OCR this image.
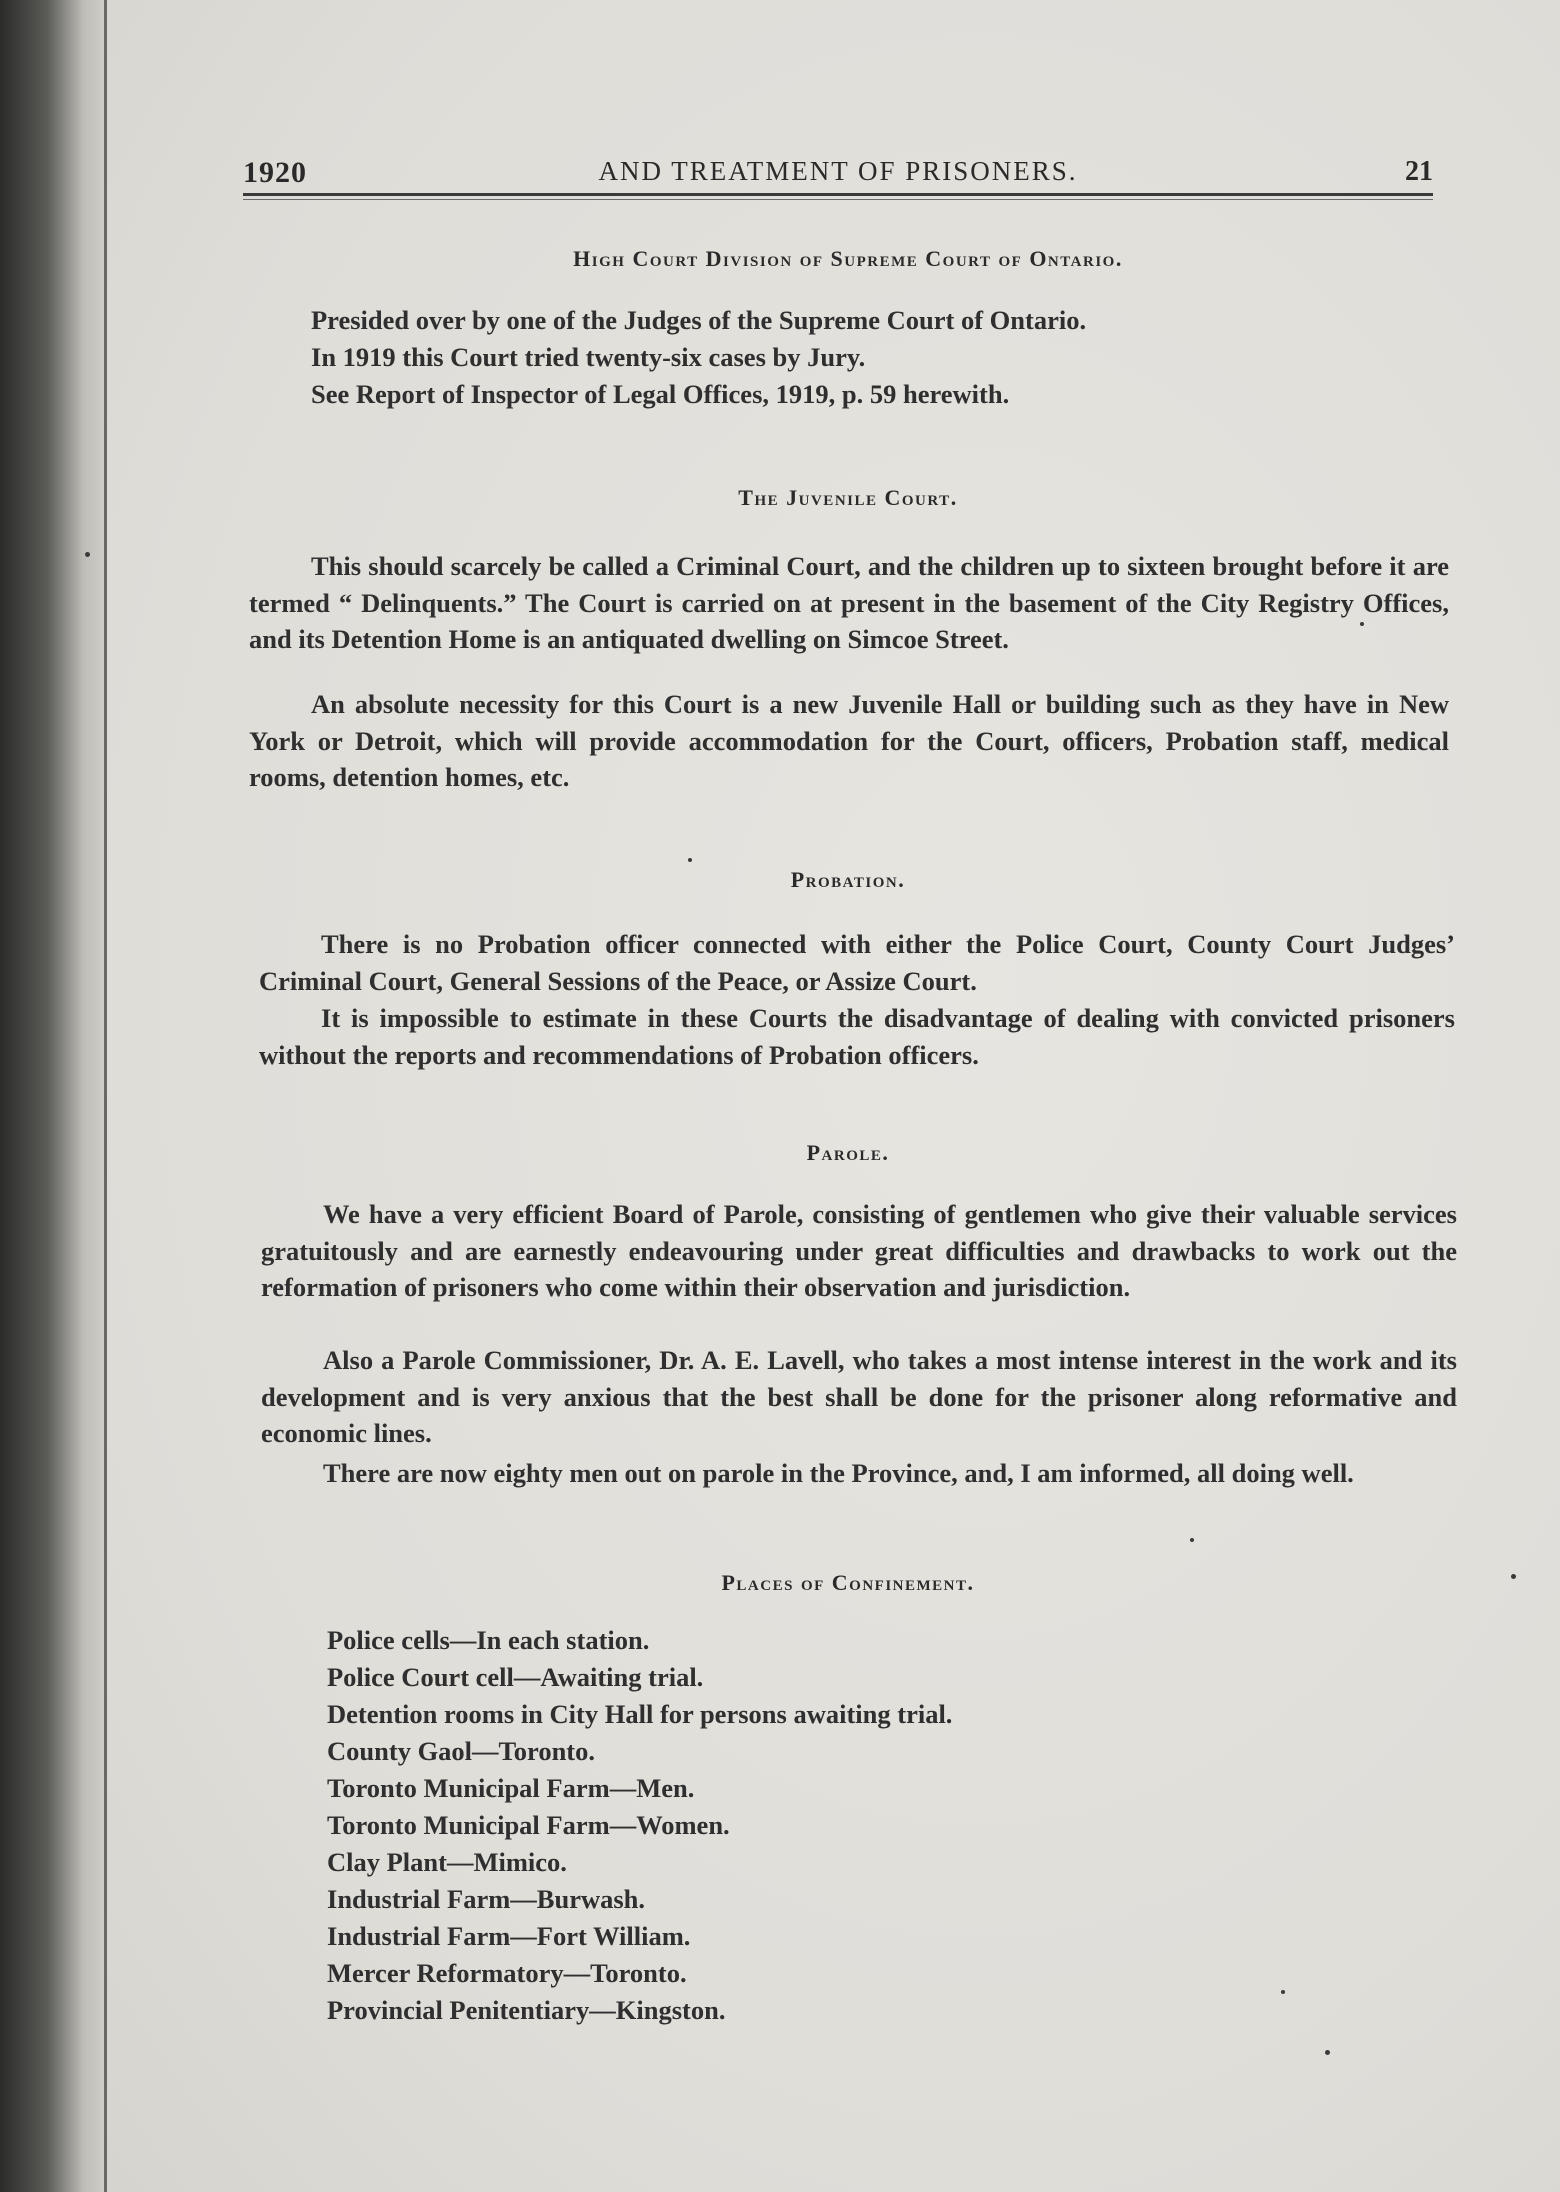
1920	AND TREATMENT OF PRISONERS.	21
High Court Division of Supreme Court of Ontario.
Presided over by one of the Judges of the Supreme Court of Ontario.
In 1919 this Court tried twenty-six cases by Jury.
See Report of Inspector of Legal Offices, 1919, p. 59 herewith.
The Juvenile Court.
This should scarcely be called a Criminal Court, and the children up to sixteen brought before it are termed “ Delinquents.” The Court is carried on at present in the basement of the City Registry Offices, and its Detention Home is an antiquated dwelling on Simcoe Street.
An absolute necessity for this Court is a new Juvenile Hall or building such as they have in New York or Detroit, which will provide accommodation for the Court, officers, Probation staff, medical rooms, detention homes, etc.
Probation.
There is no Probation officer connected with either the Police Court, County Court Judges’ Criminal Court, General Sessions of the Peace, or Assize Court.
It is impossible to estimate in these Courts the disadvantage of dealing with convicted prisoners without the reports and recommendations of Probation officers.
Parole.
We have a very efficient Board of Parole, consisting of gentlemen who give their valuable services gratuitously and are earnestly endeavouring under great difficulties and drawbacks to work out the reformation of prisoners who come within their observation and jurisdiction.
Also a Parole Commissioner, Dr. A. E. Lavell, who takes a most intense interest in the work and its development and is very anxious that the best shall be done for the prisoner along reformative and economic lines.
There are now eighty men out on parole in the Province, and, I am informed, all doing well.
Places of Confinement.
Police cells—In each station.
Police Court cell—Awaiting trial.
Detention rooms in City Hall for persons awaiting trial.
County Gaol—Toronto.
Toronto Municipal Farm—Men.
Toronto Municipal Farm—Women.
Clay Plant—Mimico.
Industrial Farm—Burwash.
Industrial Farm—Fort William.
Mercer Reformatory—Toronto.
Provincial Penitentiary—Kingston.
